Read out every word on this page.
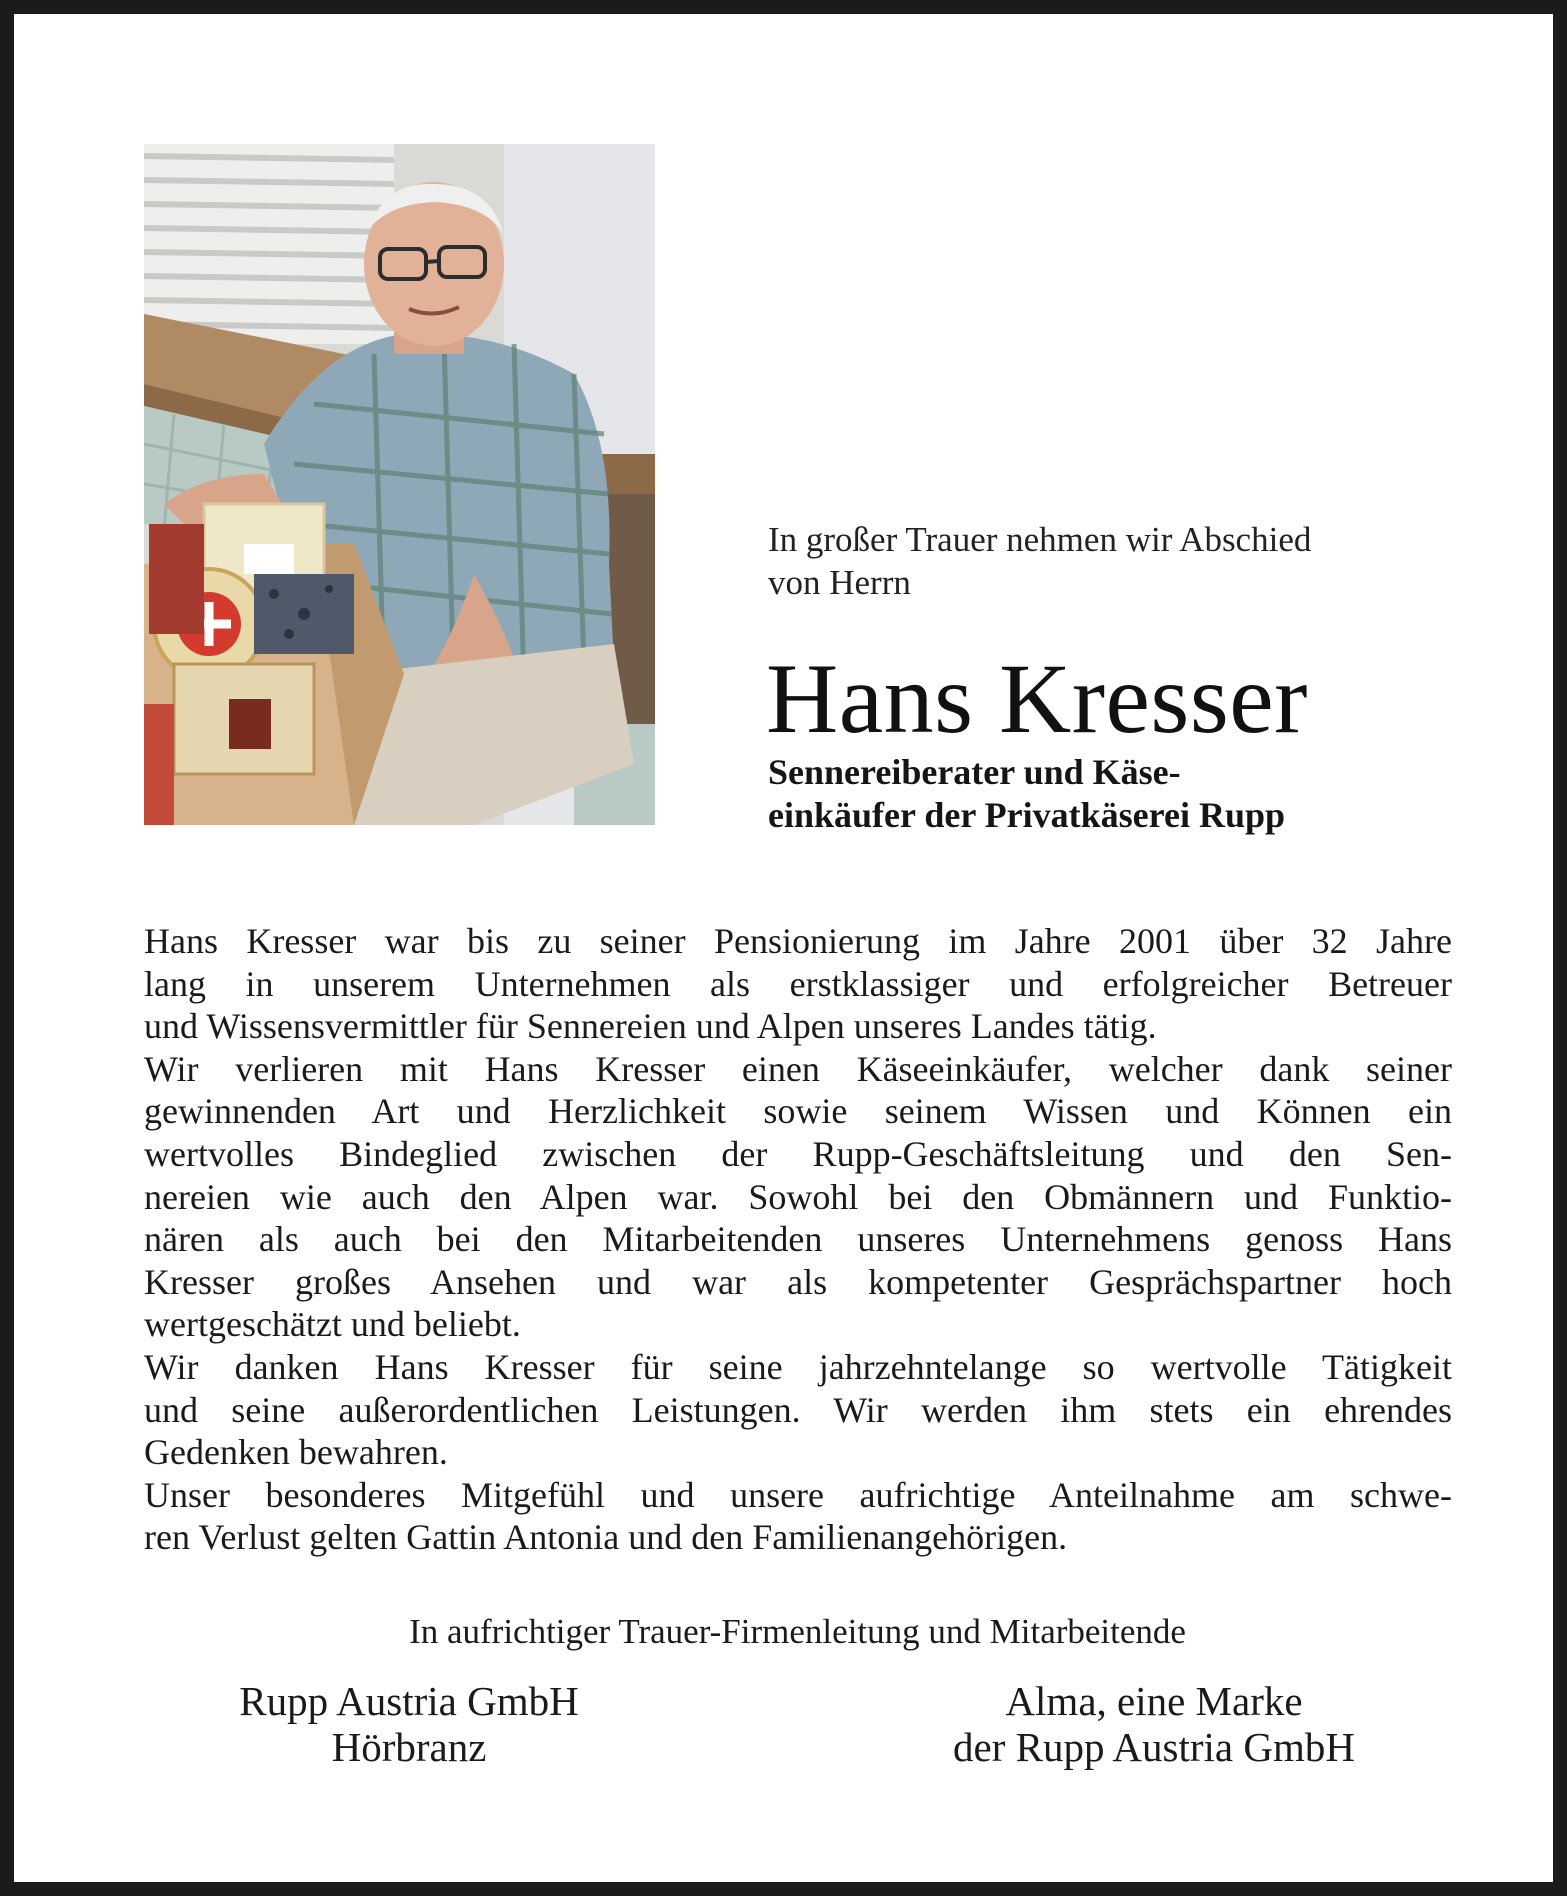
In großer Trauer nehmen wir Abschied
von Herrn
Hans Kresser
Sennereiberater und Käse-
einkäufer der Privatkäserei Rupp
Hans Kresser war bis zu seiner Pensionierung im Jahre 2001 über 32 Jahre
lang in unserem Unternehmen als erstklassiger und erfolgreicher Betreuer
und Wissensvermittler für Sennereien und Alpen unseres Landes tätig.
Wir verlieren mit Hans Kresser einen Käseeinkäufer, welcher dank seiner
gewinnenden Art und Herzlichkeit sowie seinem Wissen und Können ein
wertvolles Bindeglied zwischen der Rupp-Geschäftsleitung und den Sen-
nereien wie auch den Alpen war. Sowohl bei den Obmännern und Funktio-
nären als auch bei den Mitarbeitenden unseres Unternehmens genoss Hans
Kresser großes Ansehen und war als kompetenter Gesprächspartner hoch
wertgeschätzt und beliebt.
Wir danken Hans Kresser für seine jahrzehntelange so wertvolle Tätigkeit
und seine außerordentlichen Leistungen. Wir werden ihm stets ein ehrendes
Gedenken bewahren.
Unser besonderes Mitgefühl und unsere aufrichtige Anteilnahme am schwe-
ren Verlust gelten Gattin Antonia und den Familienangehörigen.
In aufrichtiger Trauer-Firmenleitung und Mitarbeitende
Rupp Austria GmbH
Hörbranz
Alma, eine Marke
der Rupp Austria GmbH
